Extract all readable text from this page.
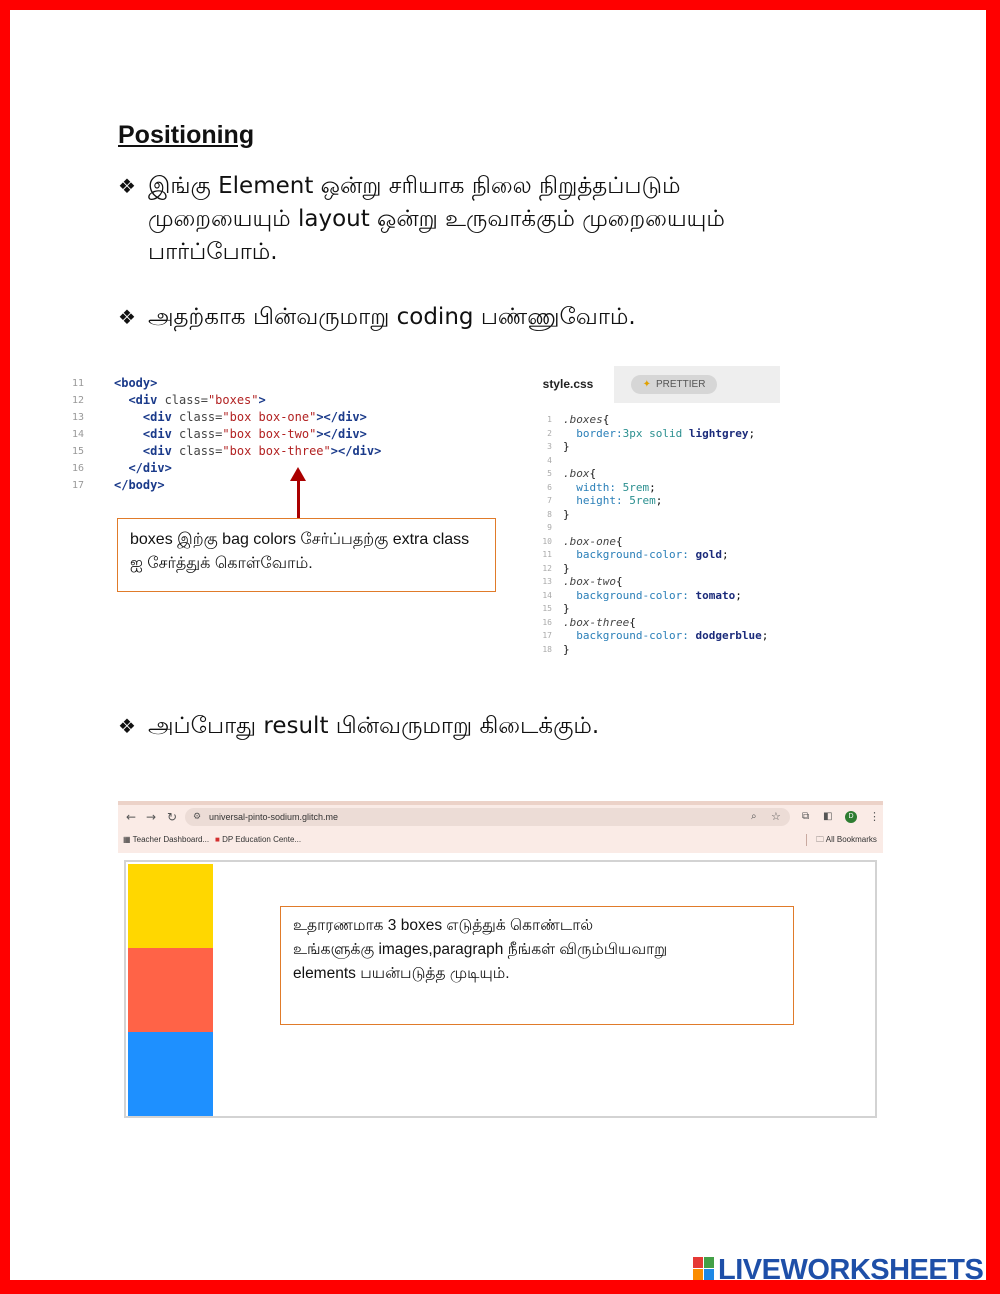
Positioning
❖ இங்கு Element ஒன்று சரியாக நிலை நிறுத்தப்படும்
முறையையும் layout ஒன்று உருவாக்கும் முறையையும்
பார்ப்போம்.
❖ அதற்காக பின்வருமாறு coding பண்ணுவோம்.
11	<body>
12	<div class="boxes">
13	<div class="box box-one"></div>
14	<div class="box box-two"></div>
15	<div class="box box-three"></div>
16	</div>
17	</body>
boxes இற்கு bag colors சேர்ப்பதற்கு extra class ஐ சேர்த்துக் கொள்வோம்.
style.css	✦ PRETTIER
1 .boxes{
2	border:3px solid lightgrey;
3 }
4
5 .box{
6	width: 5rem;
7	height: 5rem;
8 }
9
10 .box-one{
11	background-color: gold;
12 }
13 .box-two{
14	background-color: tomato;
15 }
16 .box-three{
17	background-color: dodgerblue;
18 }
❖ அப்போது result பின்வருமாறு கிடைக்கும்.
← → ↻ ⚙ universal-pinto-sodium.glitch.me	⌕ ☆ ⧉ ◧	D	⋮
▦ Teacher Dashboard... ■ DP Education Cente...	🗀 All Bookmarks
உதாரணமாக 3 boxes எடுத்துக் கொண்டால்
உங்களுக்கு images,paragraph நீங்கள் விரும்பியவாறு
elements பயன்படுத்த முடியும்.
LIVEWORKSHEETS
